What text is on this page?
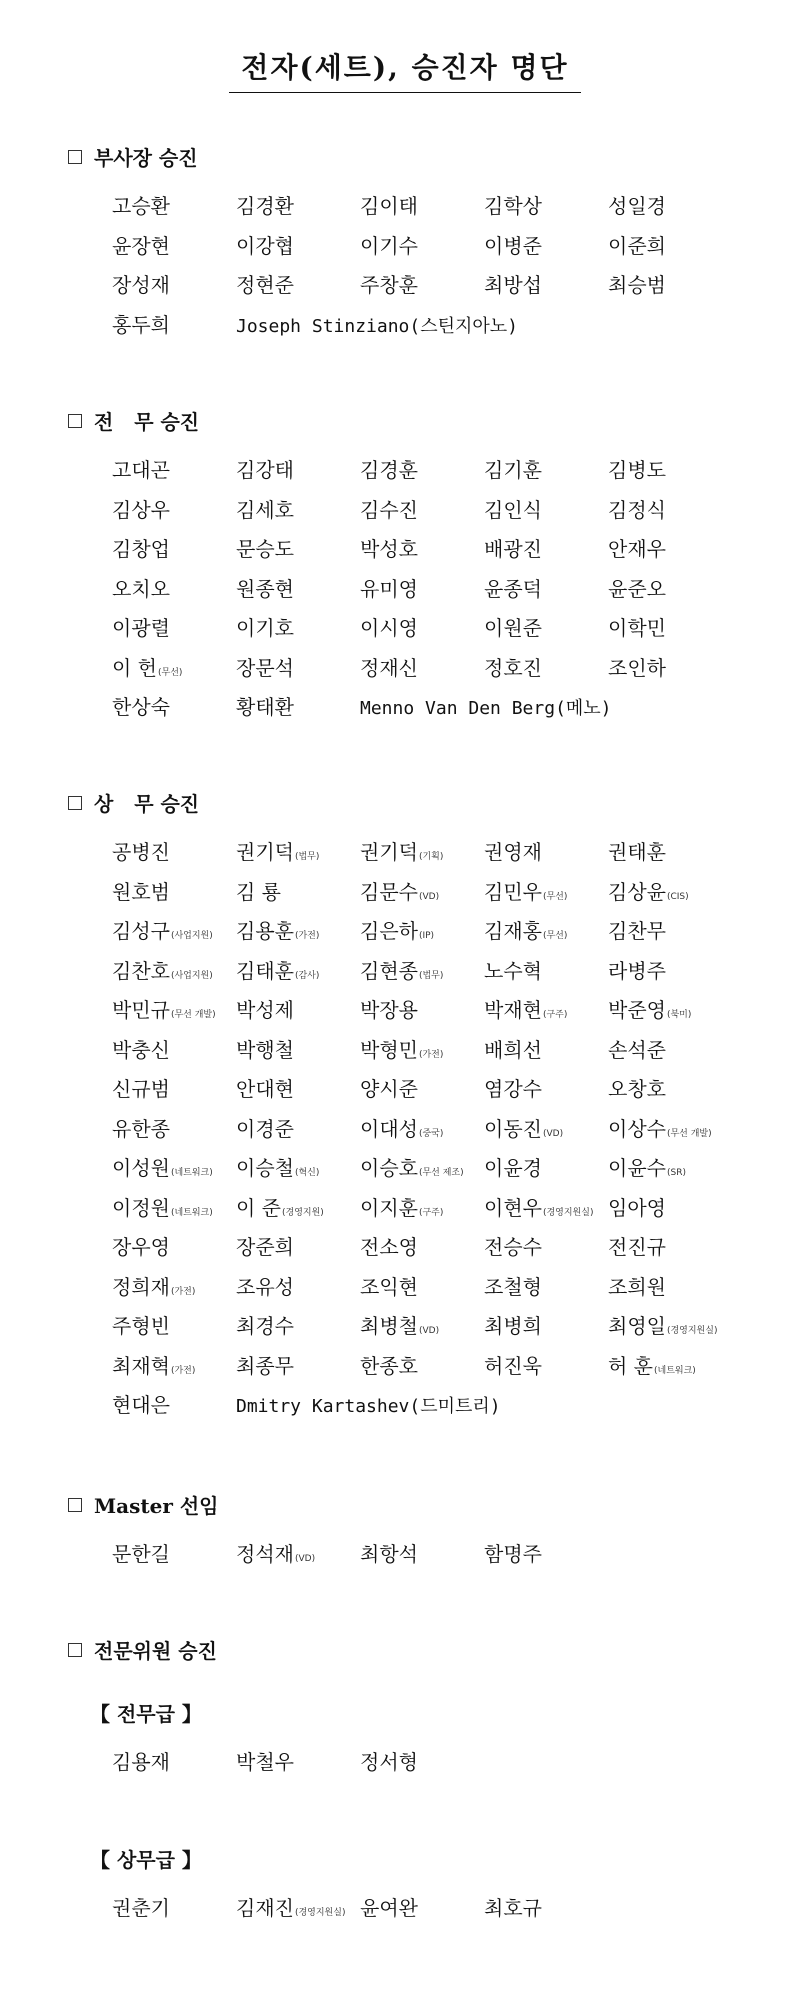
전자(세트), 승진자 명단
부사장 승진
고승환	김경환	김이태	김학상	성일경
윤장현	이강협	이기수	이병준	이준희
장성재	정현준	주창훈	최방섭	최승범
홍두희	Joseph Stinziano(스틴지아노)
전   무 승진
고대곤	김강태	김경훈	김기훈	김병도
김상우	김세호	김수진	김인식	김정식
김창업	문승도	박성호	배광진	안재우
오치오	원종현	유미영	윤종덕	윤준오
이광렬	이기호	이시영	이원준	이학민
이 헌(무선)	장문석	정재신	정호진	조인하
한상숙	황태환	Menno Van Den Berg(메노)
상   무 승진
공병진	권기덕(법무) 권기덕(기획) 권영재	권태훈
원호범	김 룡	김문수(VD) 김민우(무선) 김상윤(CIS)
김성구(사업지원) 김용훈(가전) 김은하(IP) 김재홍(무선) 김찬무
김찬호(사업지원) 김태훈(감사) 김현종(법무) 노수혁	라병주
박민규(무선 개발) 박성제	박장용	박재현(구주) 박준영(북미)
박충신	박행철	박형민(가전) 배희선	손석준
신규범	안대현	양시준	염강수	오창호
유한종	이경준	이대성(중국) 이동진(VD) 이상수(무선 개발)
이성원(네트워크) 이승철(혁신) 이승호(무선 제조) 이윤경	이윤수(SR)
이정원(네트워크) 이 준(경영지원) 이지훈(구주) 이현우(경영지원실) 임아영
장우영	장준희	전소영	전승수	전진규
정희재(가전) 조유성	조익현	조철형	조희원
주형빈	최경수	최병철(VD) 최병희	최영일(경영지원실)
최재혁(가전) 최종무	한종호	허진욱	허 훈(네트워크)
현대은	Dmitry Kartashev(드미트리)
Master 선임
문한길	정석재(VD) 최항석	함명주
전문위원 승진
【 전무급 】
김용재	박철우	정서형
【 상무급 】
권춘기	김재진(경영지원실) 윤여완	최호규
